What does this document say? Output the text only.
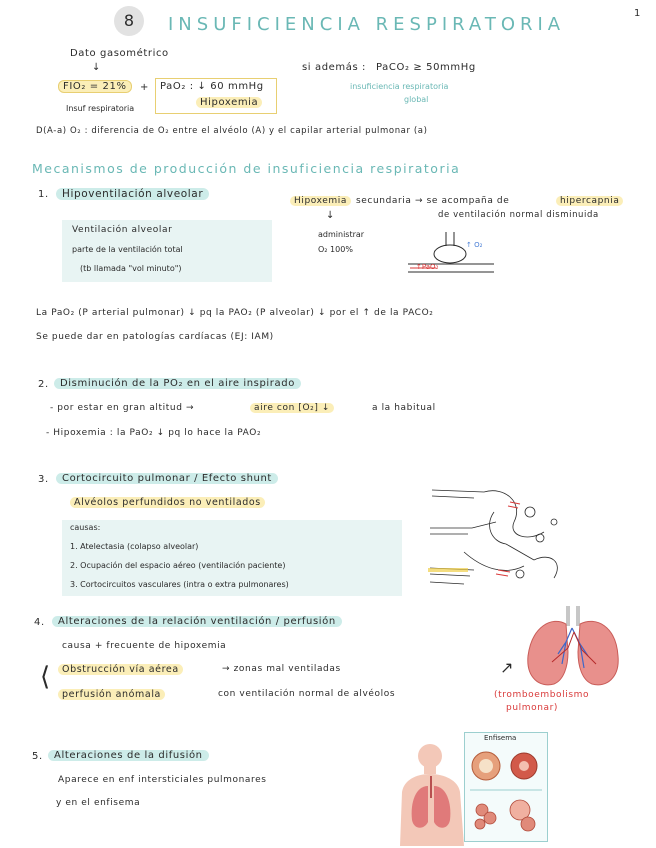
8	1
INSUFICIENCIA RESPIRATORIA
Dato gasométrico
↓
FIO₂ = 21%	+ PaO₂ : ↓ 60 mmHg
Hipoxemia
Insuf respiratoria
si además : PaCO₂ ≥ 50mmHg
insuficiencia respiratoria
global
D(A-a) O₂ : diferencia de O₂ entre el alvéolo (A) y el capilar arterial pulmonar (a)
Mecanismos de producción de insuficiencia respiratoria
1.	Hipoventilación alveolar
Ventilación alveolar
parte de la ventilación total
(tb llamada "vol minuto")
Hipoxemia	secundaria → se acompaña de	hipercapnia
de ventilación normal disminuida
↓
administrar
O₂ 100%	↑ O₂
↑PaO₂
La PaO₂ (P arterial pulmonar) ↓ pq la PAO₂ (P alveolar) ↓ por el ↑ de la PACO₂
Se puede dar en patologías cardíacas (EJ: IAM)
2.	Disminución de la PO₂ en el aire inspirado
- por estar en gran altitud →	aire con [O₂] ↓	a la habitual
- Hipoxemia : la PaO₂ ↓ pq lo hace la PAO₂
3.	Cortocircuito pulmonar / Efecto shunt
Alvéolos perfundidos no ventilados
causas:
1. Atelectasia (colapso alveolar)
2. Ocupación del espacio aéreo (ventilación paciente)
3. Cortocircuitos vasculares (intra o extra pulmonares)
4.	Alteraciones de la relación ventilación / perfusión
causa + frecuente de hipoxemia
⟨	Obstrucción vía aérea	→ zonas mal ventiladas
perfusión anómala	con ventilación normal de alvéolos
↗
(tromboembolismo
pulmonar)
5.	Alteraciones de la difusión
Aparece en enf intersticiales pulmonares
y en el enfisema
Enfisema
